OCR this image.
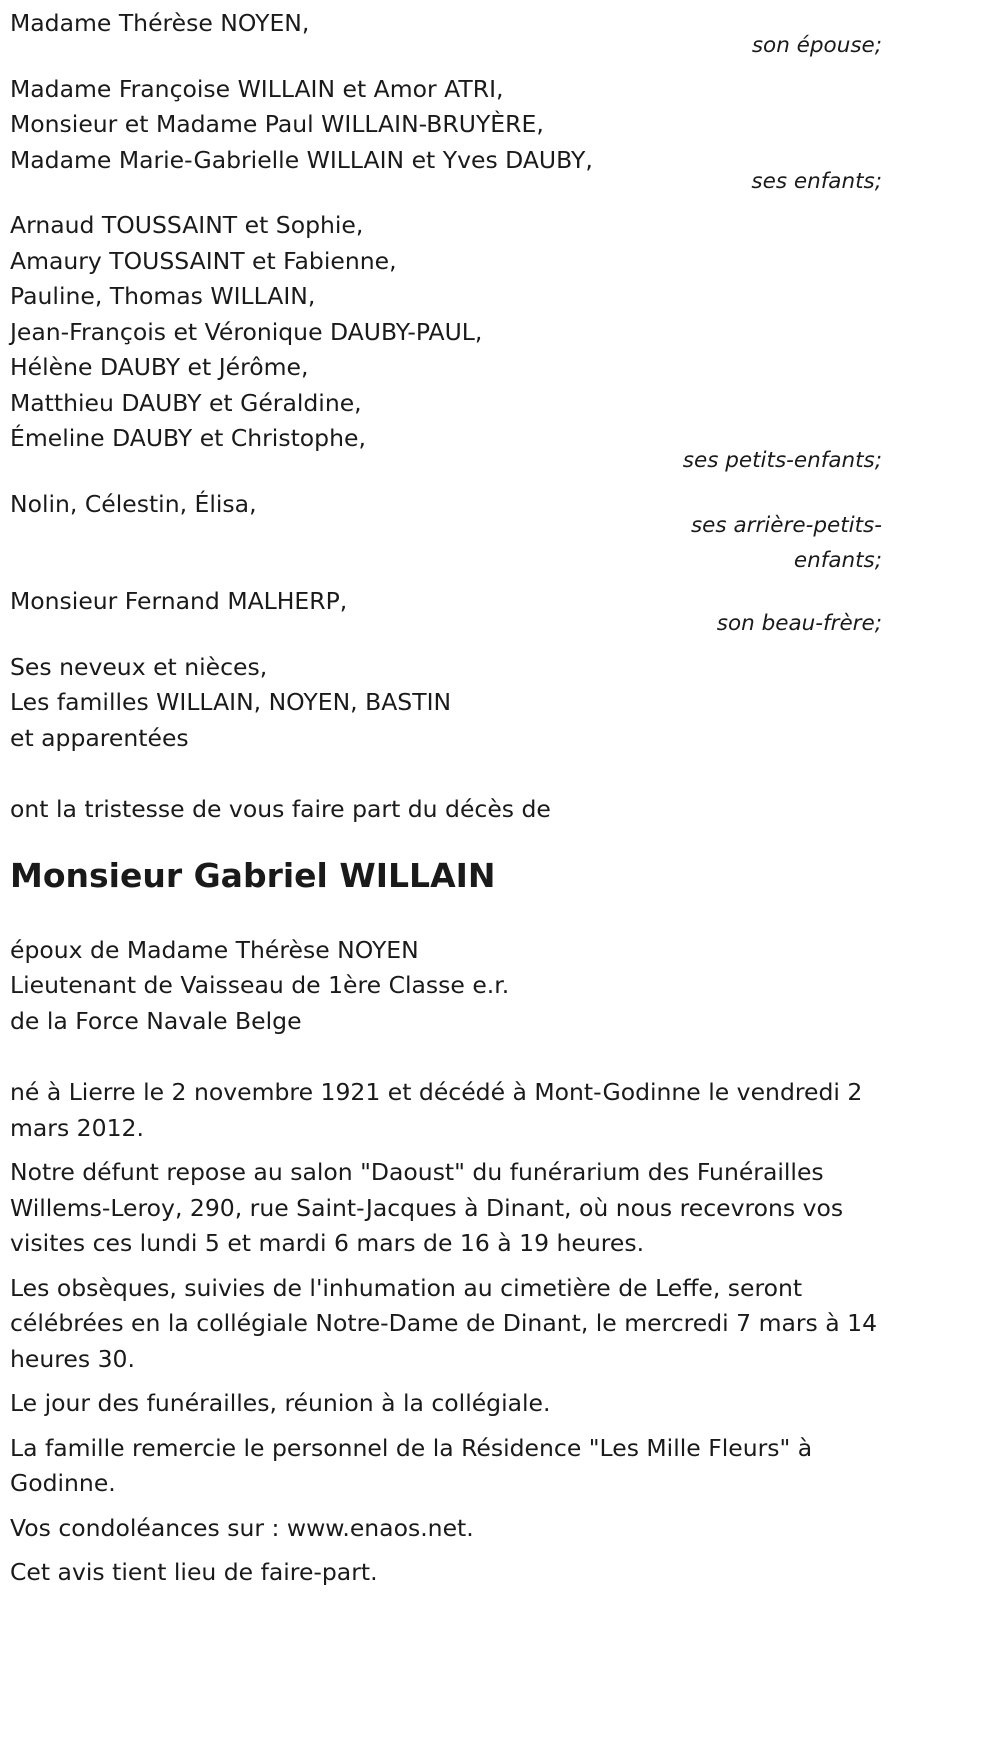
Madame Thérèse NOYEN,
son épouse;
Madame Françoise WILLAIN et Amor ATRI,
Monsieur et Madame Paul WILLAIN-BRUYÈRE,
Madame Marie-Gabrielle WILLAIN et Yves DAUBY,
ses enfants;
Arnaud TOUSSAINT et Sophie,
Amaury TOUSSAINT et Fabienne,
Pauline, Thomas WILLAIN,
Jean-François et Véronique DAUBY-PAUL,
Hélène DAUBY et Jérôme,
Matthieu DAUBY et Géraldine,
Émeline DAUBY et Christophe,
ses petits-enfants;
Nolin, Célestin, Élisa,
ses arrière-petits-enfants;
Monsieur Fernand MALHERP,
son beau-frère;
Ses neveux et nièces,
Les familles WILLAIN, NOYEN, BASTIN
et apparentées
ont la tristesse de vous faire part du décès de
Monsieur Gabriel WILLAIN
époux de Madame Thérèse NOYEN
Lieutenant de Vaisseau de 1ère Classe e.r.
de la Force Navale Belge
né à Lierre le 2 novembre 1921 et décédé à Mont-Godinne le vendredi 2 mars 2012.
Notre défunt repose au salon "Daoust" du funérarium des Funérailles Willems-Leroy, 290, rue Saint-Jacques à Dinant, où nous recevrons vos visites ces lundi 5 et mardi 6 mars de 16 à 19 heures.
Les obsèques, suivies de l'inhumation au cimetière de Leffe, seront célébrées en la collégiale Notre-Dame de Dinant, le mercredi 7 mars à 14 heures 30.
Le jour des funérailles, réunion à la collégiale.
La famille remercie le personnel de la Résidence "Les Mille Fleurs" à Godinne.
Vos condoléances sur : www.enaos.net.
Cet avis tient lieu de faire-part.
